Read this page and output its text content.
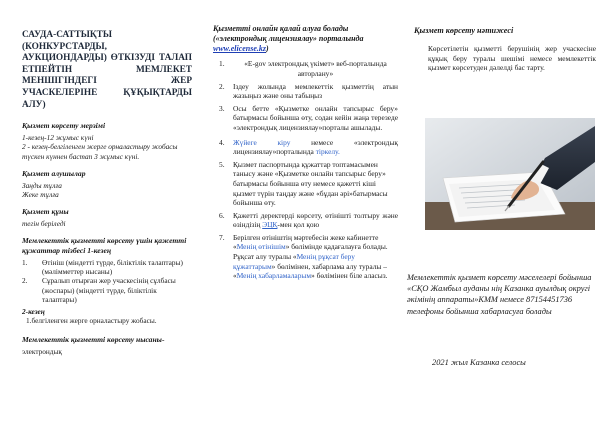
САУДА-САТТЫҚТЫ (КОНКУРСТАРДЫ, АУКЦИОНДАРДЫ) ӨТКІЗУДІ ТАЛАП ЕТПЕЙТІН МЕМЛЕКЕТ МЕНШІГІНДЕГІ ЖЕР УЧАСКЕЛЕРІНЕ ҚҰҚЫҚТАРДЫ АЛУ)
Қызмет көрсету мерзімі

1-кезең-12 жұмыс күні

2 - кезең-белгіленген жерге орналастыру жобасы түскен күннен бастап 3 жұмыс күні.

Қызмет алушылар

Заңды тұлға

Жеке тұлға

Қызмет құны

тегін беріледі

Мемлекеттік қызметті көрсету үшін қажетті құжаттар тізбесі 1-кезең
1.	Өтініш (міндетті түрде, біліктілік талаптары) (мәлімметтер нысаны)
2.	Сұралып отырған жер учаскесінің сұлбасы (жоспары) (міндетті түрде, біліктілік талаптары)
2-кезең
1 .белгіленген жерге орналастыру жобасы.
Мемлекеттік қызметті көрсету нысаны-

электрондық

Қызметті онлайн қалай алуға болады («электрондық лицензиялау» порталында www.elicense.kz)
1.	«E-gov электрондық үкімет» веб-порталында авторлану»
2.	Іздеу жолында мемлекеттік қызметтің атын жазыңыз және оны табыңыз
3.	Осы бетте «Қызметке онлайн тапсырыс беру» батырмасы бойынша өту, содан кейін жаңа терезеде «электрондық лицензиялау»порталы ашылады.
4.	Жүйеге кіру немесе «электрондық лицензиялау»порталында тіркелу.
5.	Қызмет паспортында құжаттар топтамасымен танысу және «Қызметке онлайн тапсырыс беру» батырмасы бойынша өту немесе қажетті кіші қызмет түрін таңдау және «бұдан әрі»батырмасы бойынша өту.
6.	Қажетті деректерді көрсету, өтінішті толтыру және өзіндізің ЭЦҚ-мен қол қою
7.	Берілген өтініштің мәртебесін жеке кабинетте «Менің өтінішім» бөлімінде қадағалауға болады. Рұқсат алу туралы «Менің рұқсат беру құжаттарым» бөлімінен, хабарлама алу туралы – «Менің хабарламаларым» бөлімінен біле аласыз.
Қызмет көрсету нәтижесі
Көрсетілетін қызметті берушінің жер учаскесіне құқық беру туралы шешімі немесе мемлекеттік қызмет көрсетуден дәлелді бас тарту.
Мемлекеттік қызмет көрсету мәселелері бойынша «СҚО Жамбыл ауданы нің Казанка ауылдық округі әкімінің аппараты»КММ немесе 87154451736 телефоны бойынша хабарласуға болады
2021 жыл Казанка селосы
